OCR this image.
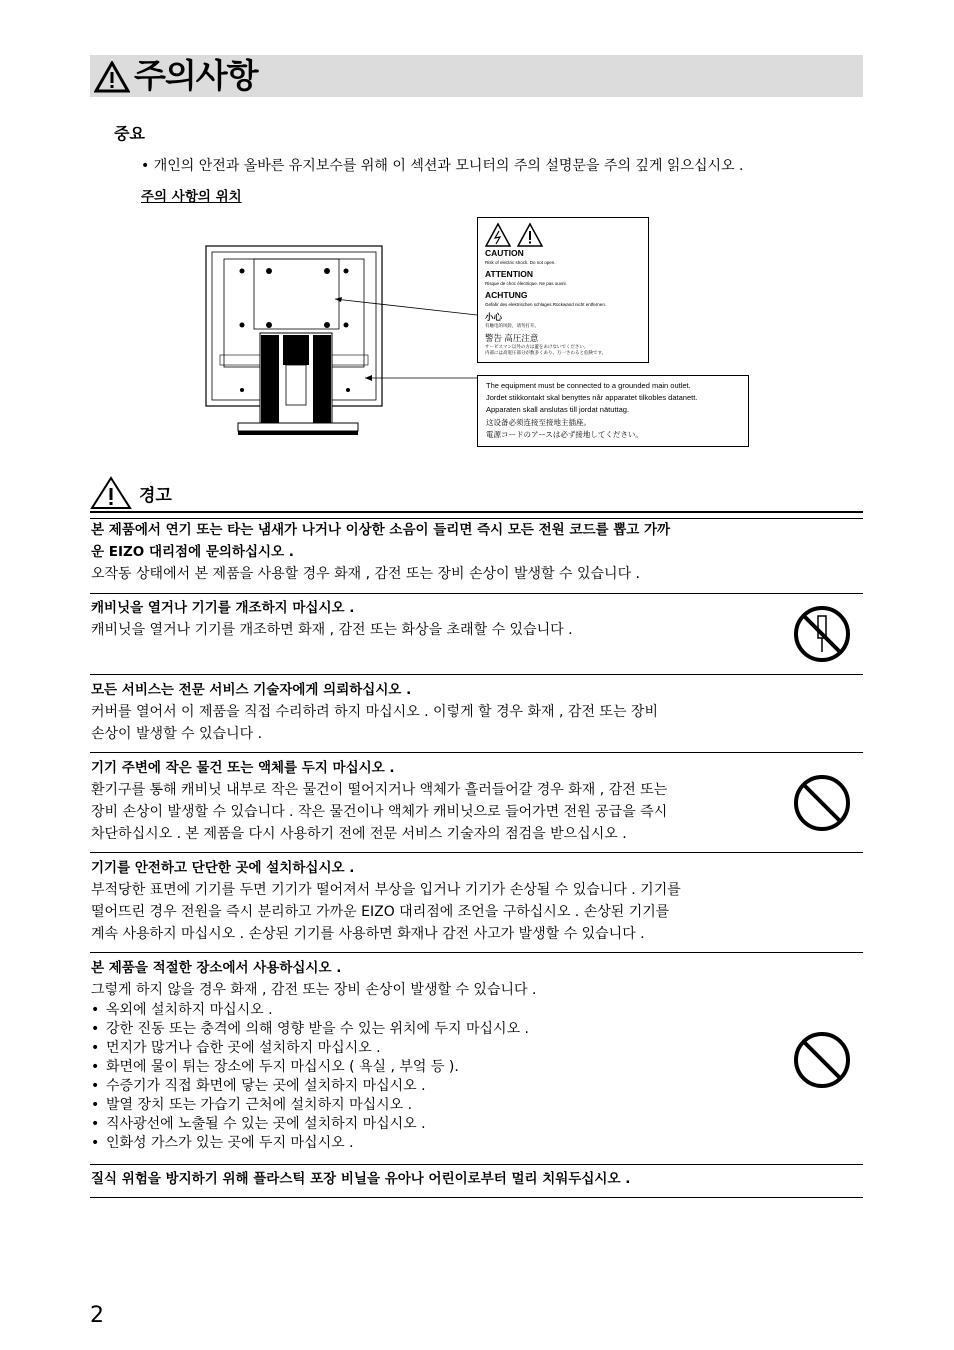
주의사항
중요
• 개인의 안전과 올바른 유지보수를 위해 이 섹션과 모니터의 주의 설명문을 주의 깊게 읽으십시오 .
주의 사항의 위치
CAUTION
Risk of electric shock. Do not open.
ATTENTION
Risque de choc électrique. Ne pas ouvrir.
ACHTUNG
Gefahr des elektrischen schlages.Rückwand nicht entfernen.
小心
有触电的风险，请勿打开。
警告 高圧注意
サービスマン以外の方は蓋をあけないでください。
内部には高電圧部分が数多くあり、万一さわると危険です。
The equipment must be connected to a grounded main outlet.
Jordet stikkontakt skal benyttes når apparatet tilkobles datanett.
Apparaten skall anslutas till jordat nätuttag.
这设备必须连接至接地主插座。
電源コードのアースは必ず接地してください。
경고
본 제품에서 연기 또는 타는 냄새가 나거나 이상한 소음이 들리면 즉시 모든 전원 코드를 뽑고 가까
운 EIZO 대리점에 문의하십시오 .
오작동 상태에서 본 제품을 사용할 경우 화재 , 감전 또는 장비 손상이 발생할 수 있습니다 .
캐비닛을 열거나 기기를 개조하지 마십시오 .
캐비닛을 열거나 기기를 개조하면 화재 , 감전 또는 화상을 초래할 수 있습니다 .
모든 서비스는 전문 서비스 기술자에게 의뢰하십시오 .
커버를 열어서 이 제품을 직접 수리하려 하지 마십시오 . 이렇게 할 경우 화재 , 감전 또는 장비
손상이 발생할 수 있습니다 .
기기 주변에 작은 물건 또는 액체를 두지 마십시오 .
환기구를 통해 캐비닛 내부로 작은 물건이 떨어지거나 액체가 흘러들어갈 경우 화재 , 감전 또는
장비 손상이 발생할 수 있습니다 . 작은 물건이나 액체가 캐비닛으로 들어가면 전원 공급을 즉시
차단하십시오 . 본 제품을 다시 사용하기 전에 전문 서비스 기술자의 점검을 받으십시오 .
기기를 안전하고 단단한 곳에 설치하십시오 .
부적당한 표면에 기기를 두면 기기가 떨어져서 부상을 입거나 기기가 손상될 수 있습니다 . 기기를
떨어뜨린 경우 전원을 즉시 분리하고 가까운 EIZO 대리점에 조언을 구하십시오 . 손상된 기기를
계속 사용하지 마십시오 . 손상된 기기를 사용하면 화재나 감전 사고가 발생할 수 있습니다 .
본 제품을 적절한 장소에서 사용하십시오 .
그렇게 하지 않을 경우 화재 , 감전 또는 장비 손상이 발생할 수 있습니다 .
• 옥외에 설치하지 마십시오 .
• 강한 진동 또는 충격에 의해 영향 받을 수 있는 위치에 두지 마십시오 .
• 먼지가 많거나 습한 곳에 설치하지 마십시오 .
• 화면에 물이 튀는 장소에 두지 마십시오 ( 욕실 , 부엌 등 ).
• 수증기가 직접 화면에 닿는 곳에 설치하지 마십시오 .
• 발열 장치 또는 가습기 근처에 설치하지 마십시오 .
• 직사광선에 노출될 수 있는 곳에 설치하지 마십시오 .
• 인화성 가스가 있는 곳에 두지 마십시오 .
질식 위험을 방지하기 위해 플라스틱 포장 비닐을 유아나 어린이로부터 멀리 치워두십시오 .
2
